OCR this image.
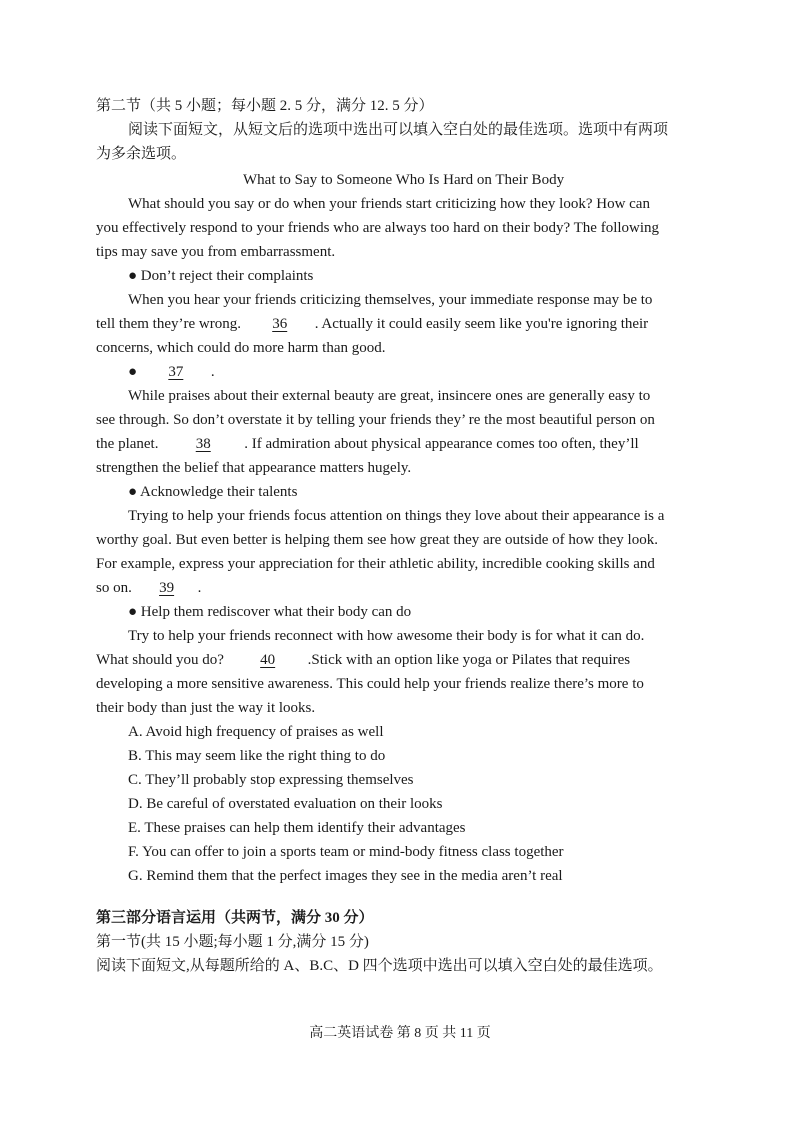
第二节（共 5 小题；每小题 2. 5 分，满分 12. 5 分）
阅读下面短文，从短文后的选项中选出可以填入空白处的最佳选项。选项中有两项
为多余选项。
What to Say to Someone Who Is Hard on Their Body
What should you say or do when your friends start criticizing how they look? How can
you effectively respond to your friends who are always too hard on their body? The following
tips may save you from embarrassment.
● Don’t reject their complaints
When you hear your friends criticizing themselves, your immediate response may be to
tell them they’re wrong. 36 . Actually it could easily seem like you're ignoring their
concerns, which could do more harm than good.
● 37 .
While praises about their external beauty are great, insincere ones are generally easy to
see through. So don’t overstate it by telling your friends they’ re the most beautiful person on
the planet. 38 . If admiration about physical appearance comes too often, they’ll
strengthen the belief that appearance matters hugely.
● Acknowledge their talents
Trying to help your friends focus attention on things they love about their appearance is a
worthy goal. But even better is helping them see how great they are outside of how they look.
For example, express your appreciation for their athletic ability, incredible cooking skills and
so on. 39 .
● Help them rediscover what their body can do
Try to help your friends reconnect with how awesome their body is for what it can do.
What should you do? 40 .Stick with an option like yoga or Pilates that requires
developing a more sensitive awareness. This could help your friends realize there’s more to
their body than just the way it looks.
A. Avoid high frequency of praises as well
B. This may seem like the right thing to do
C. They’ll probably stop expressing themselves
D. Be careful of overstated evaluation on their looks
E. These praises can help them identify their advantages
F. You can offer to join a sports team or mind-body fitness class together
G. Remind them that the perfect images they see in the media aren’t real
第三部分语言运用（共两节，满分 30 分）
第一节(共 15 小题;每小题 1 分,满分 15 分)
阅读下面短文,从每题所给的 A、B.C、D 四个选项中选出可以填入空白处的最佳选项。
高二英语试卷 第 8 页 共 11 页
